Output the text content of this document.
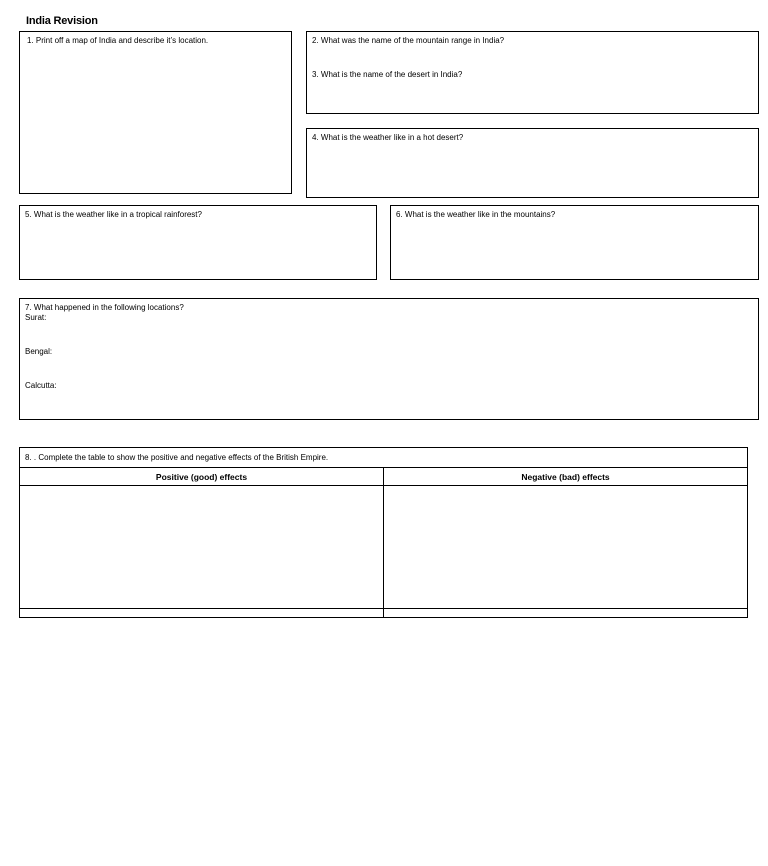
India Revision

1. Print off a map of India and describe it’s location.	2. What was the name of the mountain range in India?

3. What is the name of the desert in India?

4. What is the weather like in a hot desert?

5. What is the weather like in a tropical rainforest?	6. What is the weather like in the mountains?

7. What happened in the following locations?

Surat:

Bengal:

Calcutta:

8. . Complete the table to show the positive and negative effects of the British Empire.	
Positive (good) effects	Negative (bad) effects
